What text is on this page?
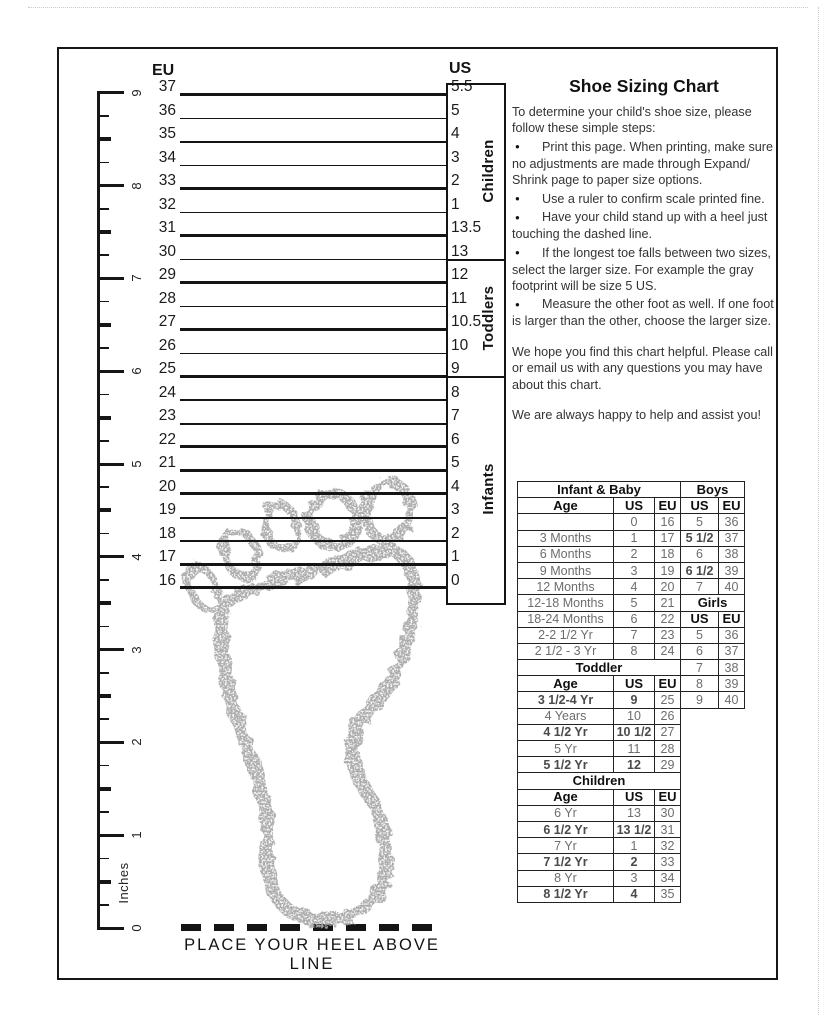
EU	US
Inches
0
1
2
3
4
5
6
7
8
9 37	5.5
36	5
35	4
34	3
33	2
32	1
31	13.5
30	13
29	12
28	11
27	10.5
26	10
25	9
24	8
23	7
22	6
21	5
20	4
19	3
18	2
17	1
16	0
Children
Toddlers
Infants
PLACE YOUR HEEL ABOVE LINE
Shoe Sizing Chart

To determine your child's shoe size, please follow these simple steps:

● Print this page. When printing, make sure no adjustments are made through Expand/ Shrink page to paper size options.

● Use a ruler to confirm scale printed fine.

● Have your child stand up with a heel just touching the dashed line.

● If the longest toe falls between two sizes, select the larger size. For example the gray footprint will be size 5 US.

● Measure the other foot as well. If one foot is larger than the other, choose the larger size.

We hope you find this chart helpful. Please call or email us with any questions you may have about this chart.

We are always happy to help and assist you!

Infant & Baby		
Age	US	EU
	0	16
3 Months	1	17
6 Months	2	18
9 Months	3	19
12 Months	4	20
12-18 Months	5	21
18-24 Months	6	22
2-2 1/2 Yr	7	23
2 1/2 - 3 Yr	8	24
Toddler		
Age	US	EU
3 1/2-4 Yr	9	25
4 Years	10	26
4 1/2 Yr	10 1/2	27
5 Yr	11	28
5 1/2 Yr	12	29
Children		
Age	US	EU
6 Yr	13	30
6 1/2 Yr	13 1/2	31
7 Yr	1	32
7 1/2 Yr	2	33
8 Yr	3	34
8 1/2 Yr	4	35
Boys	
US	EU
5	36
5 1/2	37
6	38
6 1/2	39
7	40
Girls	
US	EU
5	36
6	37
7	38
8	39
9	40
